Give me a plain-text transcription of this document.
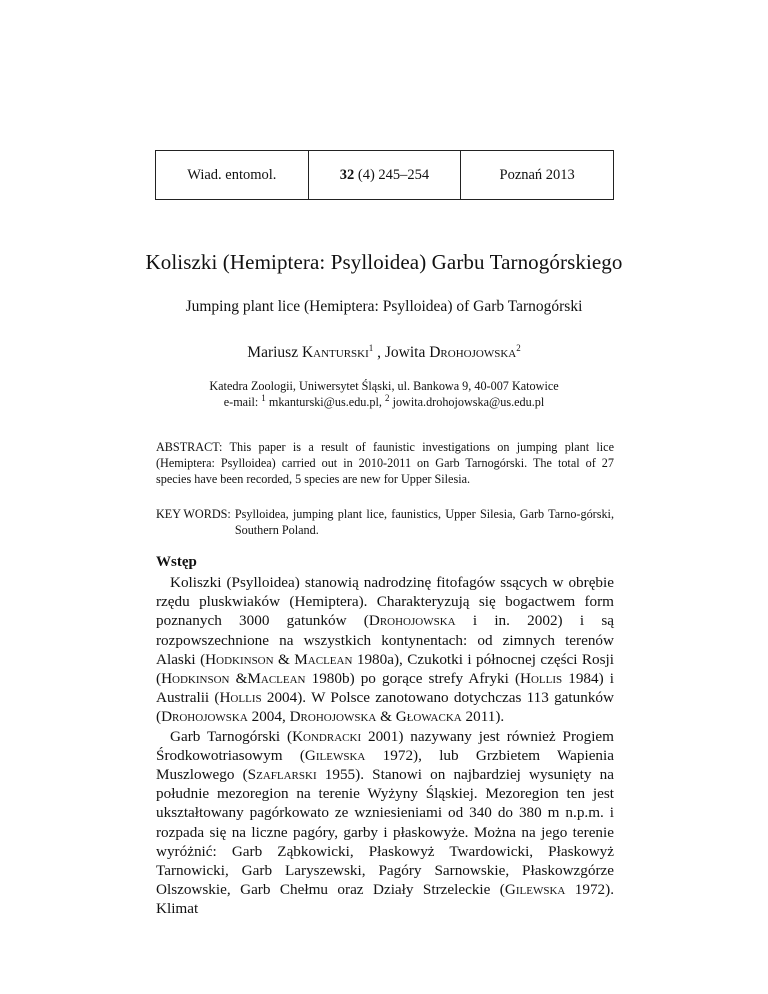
Wiad. entomol.	32 (4) 245–254	Poznań 2013
Koliszki (Hemiptera: Psylloidea) Garbu Tarnogórskiego
Jumping plant lice (Hemiptera: Psylloidea) of Garb Tarnogórski
Mariusz Kanturski$^1$ , Jowita Drohojowska$^2$
Katedra Zoologii, Uniwersytet Śląski, ul. Bankowa 9, 40-007 Katowice
e-mail: $^1$ mkanturski@us.edu.pl, $^2$ jowita.drohojowska@us.edu.pl
ABSTRACT: This paper is a result of faunistic investigations on jumping plant lice (Hemiptera: Psylloidea) carried out in 2010-2011 on Garb Tarnogórski. The total of 27 species have been recorded, 5 species are new for Upper Silesia.
KEY WORDS: Psylloidea, jumping plant lice, faunistics, Upper Silesia, Garb Tarno-górski, Southern Poland.
Wstęp

Koliszki (Psylloidea) stanowią nadrodzinę fitofagów ssących w obrębie rzędu pluskwiaków (Hemiptera). Charakteryzują się bogactwem form poznanych 3000 gatunków (Drohojowska i in. 2002) i są rozpowszechnione na wszystkich kontynentach: od zimnych terenów Alaski (Hodkinson & Maclean 1980a), Czukotki i północnej części Rosji (Hodkinson &Maclean 1980b) po gorące strefy Afryki (Hollis 1984) i Australii (Hollis 2004). W Polsce zanotowano dotychczas 113 gatunków (Drohojowska 2004, Drohojowska & Głowacka 2011).

Garb Tarnogórski (Kondracki 2001) nazywany jest również Progiem Środkowotriasowym (Gilewska 1972), lub Grzbietem Wapienia Muszlowego (Szaflarski 1955). Stanowi on najbardziej wysunięty na południe mezoregion na terenie Wyżyny Śląskiej. Mezoregion ten jest ukształtowany pagórkowato ze wzniesieniami od 340 do 380 m n.p.m. i rozpada się na liczne pagóry, garby i płaskowyże. Można na jego terenie wyróżnić: Garb Ząbkowicki, Płaskowyż Twardowicki, Płaskowyż Tarnowicki, Garb Laryszewski, Pagóry Sarnowskie, Płaskowzgórze Olszowskie, Garb Chełmu oraz Działy Strzeleckie (Gilewska 1972). Klimat
